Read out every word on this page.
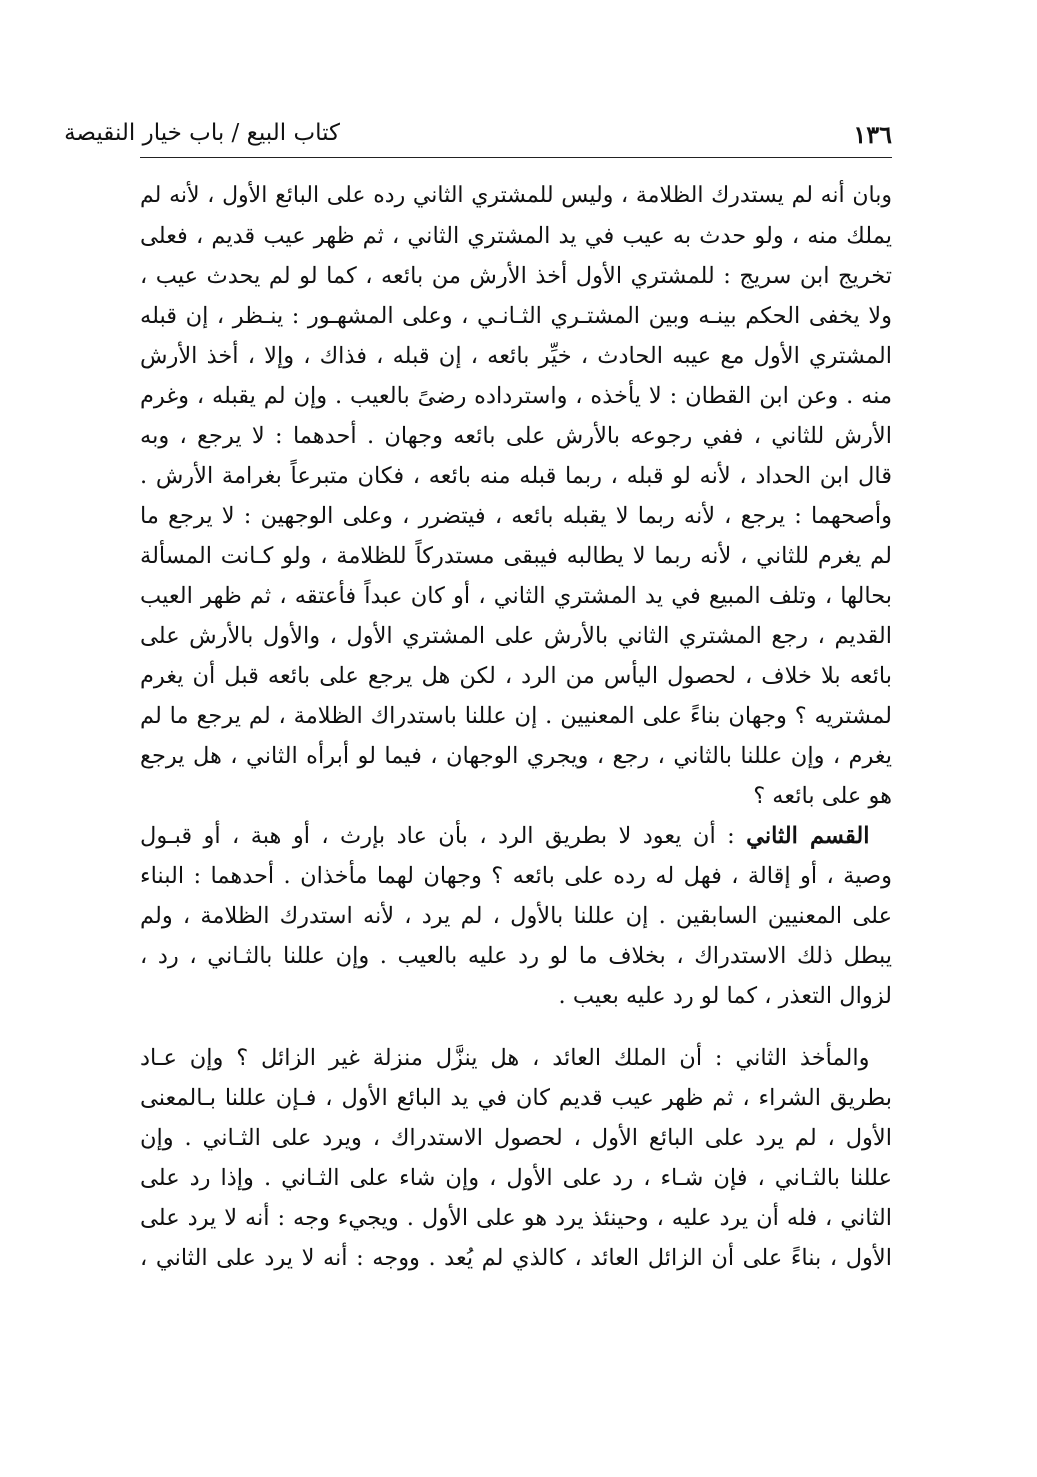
١٣٦
كتاب البيع / باب خيار النقيصة

وبان أنه لم يستدرك الظلامة ، وليس للمشتري الثاني رده على البائع الأول ، لأنه لم
يملك منه ، ولو حدث به عيب في يد المشتري الثاني ، ثم ظهر عيب قديم ، فعلى
تخريج ابن سريج : للمشتري الأول أخذ الأرش من بائعه ، كما لو لم يحدث عيب ،
ولا يخفى الحكم بينـه وبين المشتـري الثـانـي ، وعلى المشهـور : ينـظر ، إن قبله
المشتري الأول مع عيبه الحادث ، خيِّر بائعه ، إن قبله ، فذاك ، وإلا ، أخذ الأرش
منه . وعن ابن القطان : لا يأخذه ، واسترداده رضىً بالعيب . وإن لم يقبله ، وغرم
الأرش للثاني ، ففي رجوعه بالأرش على بائعه وجهان . أحدهما : لا يرجع ، وبه
قال ابن الحداد ، لأنه لو قبله ، ربما قبله منه بائعه ، فكان متبرعاً بغرامة الأرش .
وأصحهما : يرجع ، لأنه ربما لا يقبله بائعه ، فيتضرر ، وعلى الوجهين : لا يرجع ما
لم يغرم للثاني ، لأنه ربما لا يطالبه فيبقى مستدركاً للظلامة ، ولو كـانت المسألة
بحالها ، وتلف المبيع في يد المشتري الثاني ، أو كان عبداً فأعتقه ، ثم ظهر العيب
القديم ، رجع المشتري الثاني بالأرش على المشتري الأول ، والأول بالأرش على
بائعه بلا خلاف ، لحصول اليأس من الرد ، لكن هل يرجع على بائعه قبل أن يغرم
لمشتريه ؟ وجهان بناءً على المعنيين . إن عللنا باستدراك الظلامة ، لم يرجع ما لم
يغرم ، وإن عللنا بالثاني ، رجع ، ويجري الوجهان ، فيما لو أبرأه الثاني ، هل يرجع
هو على بائعه ؟

 القسم الثاني : أن يعود لا بطريق الرد ، بأن عاد بإرث ، أو هبة ، أو قبـول
وصية ، أو إقالة ، فهل له رده على بائعه ؟ وجهان لهما مأخذان . أحدهما : البناء
على المعنيين السابقين . إن عللنا بالأول ، لم يرد ، لأنه استدرك الظلامة ، ولم
يبطل ذلك الاستدراك ، بخلاف ما لو رد عليه بالعيب . وإن عللنا بالثـاني ، رد ،
لزوال التعذر ، كما لو رد عليه بعيب .

 والمأخذ الثاني : أن الملك العائد ، هل ينزَّل منزلة غير الزائل ؟ وإن عـاد
بطريق الشراء ، ثم ظهر عيب قديم كان في يد البائع الأول ، فـإن عللنا بـالمعنى
الأول ، لم يرد على البائع الأول ، لحصول الاستدراك ، ويرد على الثـاني . وإن
عللنا بالثـاني ، فإن شـاء ، رد على الأول ، وإن شاء على الثـاني . وإذا رد على
الثاني ، فله أن يرد عليه ، وحينئذ يرد هو على الأول . ويجيء وجه : أنه لا يرد على
الأول ، بناءً على أن الزائل العائد ، كالذي لم يُعد . ووجه : أنه لا يرد على الثاني ،
